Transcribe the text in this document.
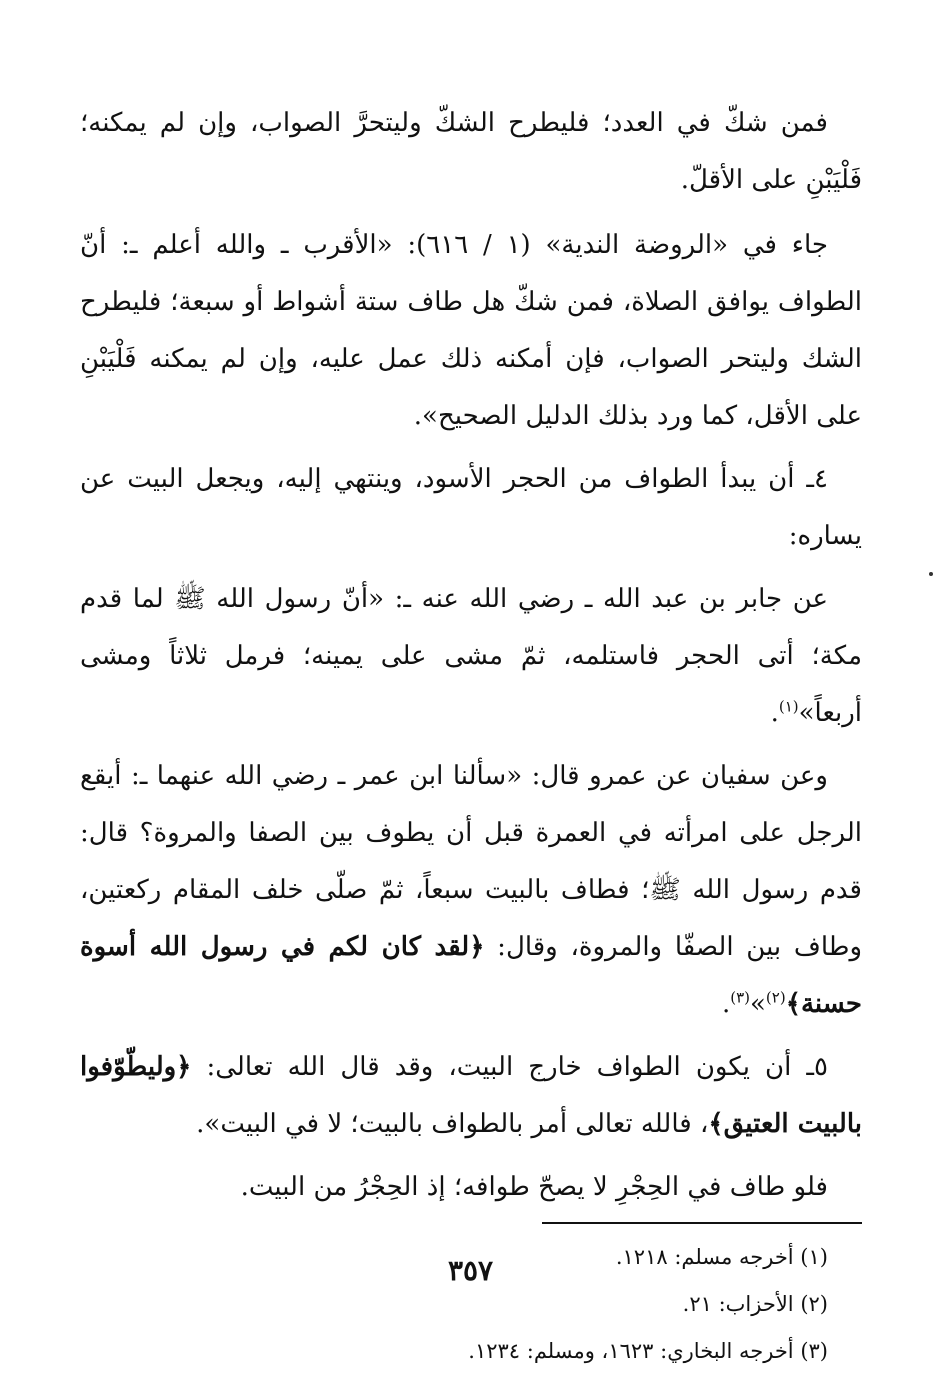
فمن شكّ في العدد؛ فليطرح الشكّ وليتحرَّ الصواب، وإن لم يمكنه؛ فَلْيَبْنِ على الأقلّ.

جاء في «الروضة الندية» (١ / ٦١٦): «الأقرب ـ والله أعلم ـ: أنّ الطواف يوافق الصلاة، فمن شكّ هل طاف ستة أشواط أو سبعة؛ فليطرح الشك وليتحر الصواب، فإن أمكنه ذلك عمل عليه، وإن لم يمكنه فَلْيَبْنِ على الأقل، كما ورد بذلك الدليل الصحيح».

٤ـ أن يبدأ الطواف من الحجر الأسود، وينتهي إليه، ويجعل البيت عن يساره:

عن جابر بن عبد الله ـ رضي الله عنه ـ: «أنّ رسول الله ﷺ لما قدم مكة؛ أتى الحجر فاستلمه، ثمّ مشى على يمينه؛ فرمل ثلاثاً ومشى أربعاً»$^{(١)}$.

وعن سفيان عن عمرو قال: «سألنا ابن عمر ـ رضي الله عنهما ـ: أيقع الرجل على امرأته في العمرة قبل أن يطوف بين الصفا والمروة؟ قال: قدم رسول الله ﷺ؛ فطاف بالبيت سبعاً، ثمّ صلّى خلف المقام ركعتين، وطاف بين الصفّا والمروة، وقال: ﴿لقد كان لكم في رسول الله أسوة حسنة﴾$^{(٢)}$»$^{(٣)}$.

٥ـ أن يكون الطواف خارج البيت، وقد قال الله تعالى: ﴿وليطّوّفوا بالبيت العتيق﴾، فالله تعالى أمر بالطواف بالبيت؛ لا في البيت».

فلو طاف في الحِجْرِ لا يصحّ طوافه؛ إذ الحِجْرُ من البيت.

(١) أخرجه مسلم: ١٢١٨.

(٢) الأحزاب: ٢١.

(٣) أخرجه البخاري: ١٦٢٣، ومسلم: ١٢٣٤.

٣٥٧
